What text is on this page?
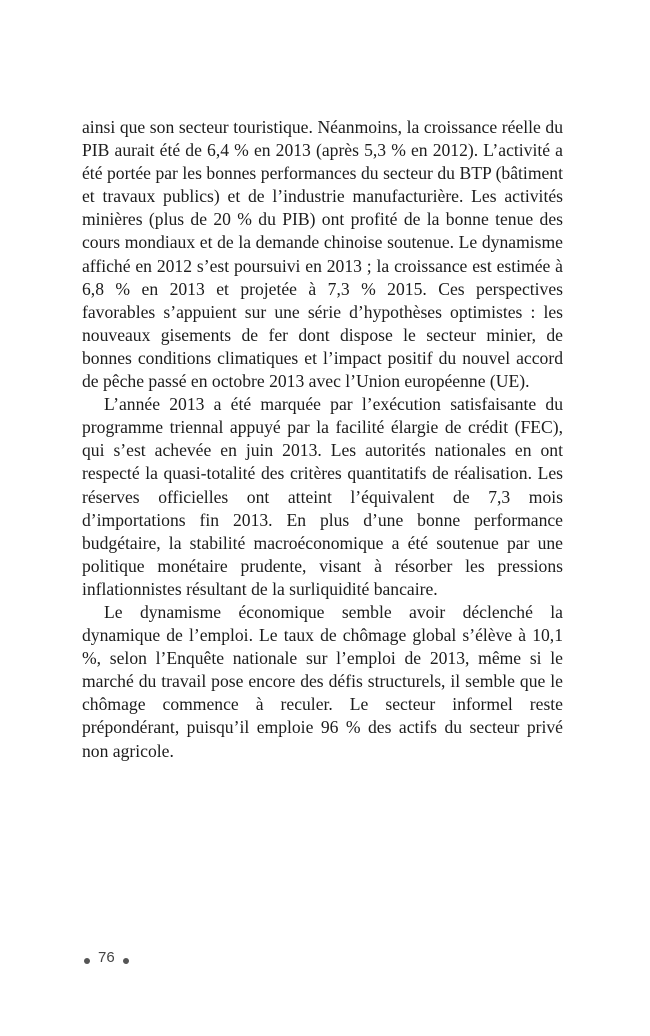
ainsi que son secteur touristique. Néanmoins, la croissance réelle du PIB aurait été de 6,4 % en 2013 (après 5,3 % en 2012). L’activité a été portée par les bonnes performances du secteur du BTP (bâtiment et travaux publics) et de l’industrie manufacturière. Les activités minières (plus de 20 % du PIB) ont profité de la bonne tenue des cours mondiaux et de la demande chinoise soutenue. Le dynamisme affiché en 2012 s’est poursuivi en 2013 ; la croissance est estimée à 6,8 % en 2013 et projetée à 7,3 % 2015. Ces perspectives favorables s’appuient sur une série d’hypothèses optimistes : les nouveaux gisements de fer dont dispose le secteur minier, de bonnes conditions climatiques et l’impact positif du nouvel accord de pêche passé en octobre 2013 avec l’Union européenne (UE).

L’année 2013 a été marquée par l’exécution satisfaisante du programme triennal appuyé par la facilité élargie de crédit (FEC), qui s’est achevée en juin 2013. Les autorités nationales en ont respecté la quasi-totalité des critères quantitatifs de réalisation. Les réserves officielles ont atteint l’équivalent de 7,3 mois d’importations fin 2013. En plus d’une bonne performance budgétaire, la stabilité macroéconomique a été soutenue par une politique monétaire prudente, visant à résorber les pressions inflationnistes résultant de la surliquidité bancaire.

Le dynamisme économique semble avoir déclenché la dynamique de l’emploi. Le taux de chômage global s’élève à 10,1 %, selon l’Enquête nationale sur l’emploi de 2013, même si le marché du travail pose encore des défis structurels, il semble que le chômage commence à reculer. Le secteur informel reste prépondérant, puisqu’il emploie 96 % des actifs du secteur privé non agricole.

76
